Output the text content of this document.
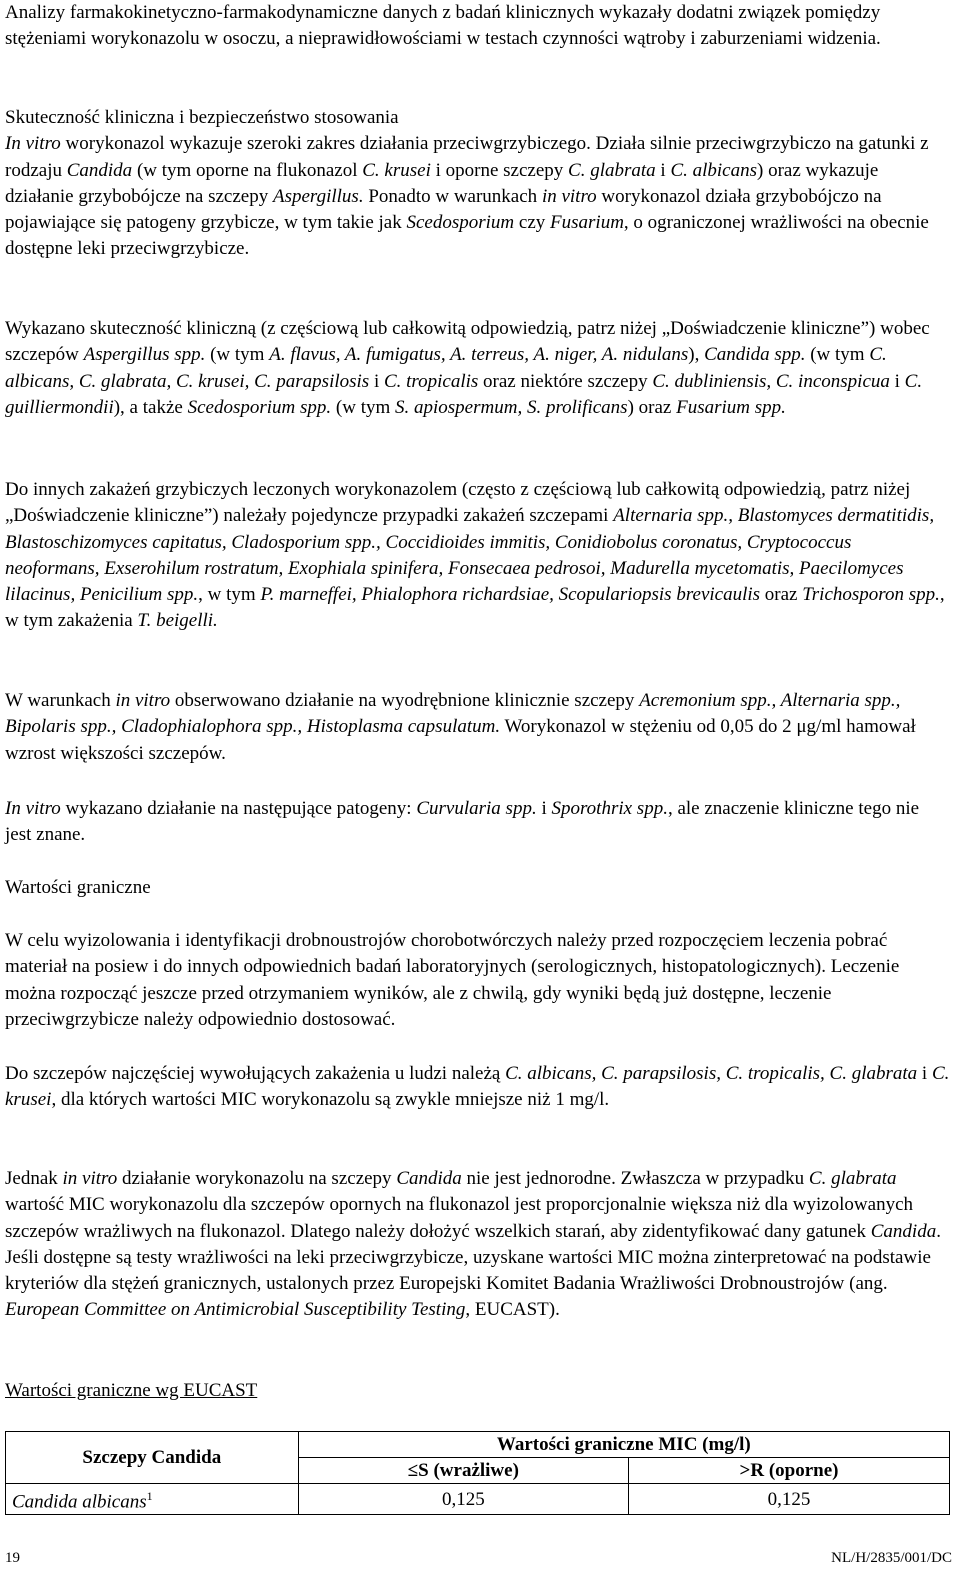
Analizy farmakokinetyczno-farmakodynamiczne danych z badań klinicznych wykazały dodatni związek pomiędzy stężeniami worykonazolu w osoczu, a nieprawidłowościami w testach czynności wątroby i zaburzeniami widzenia.

Skuteczność kliniczna i bezpieczeństwo stosowania

In vitro worykonazol wykazuje szeroki zakres działania przeciwgrzybiczego. Działa silnie przeciwgrzybiczo na gatunki z rodzaju Candida (w tym oporne na flukonazol C. krusei i oporne szczepy C. glabrata i C. albicans) oraz wykazuje działanie grzybobójcze na szczepy Aspergillus. Ponadto w warunkach in vitro worykonazol działa grzybobójczo na pojawiające się patogeny grzybicze, w tym takie jak Scedosporium czy Fusarium, o ograniczonej wrażliwości na obecnie dostępne leki przeciwgrzybicze.

Wykazano skuteczność kliniczną (z częściową lub całkowitą odpowiedzią, patrz niżej „Doświadczenie kliniczne”) wobec szczepów Aspergillus spp. (w tym A. flavus, A. fumigatus, A. terreus, A. niger, A. nidulans), Candida spp. (w tym C. albicans, C. glabrata, C. krusei, C. parapsilosis i C. tropicalis oraz niektóre szczepy C. dubliniensis, C. inconspicua i C. guilliermondii), a także Scedosporium spp. (w tym S. apiospermum, S. prolificans) oraz Fusarium spp.

Do innych zakażeń grzybiczych leczonych worykonazolem (często z częściową lub całkowitą odpowiedzią, patrz niżej „Doświadczenie kliniczne”) należały pojedyncze przypadki zakażeń szczepami Alternaria spp., Blastomyces dermatitidis, Blastoschizomyces capitatus, Cladosporium spp., Coccidioides immitis, Conidiobolus coronatus, Cryptococcus neoformans, Exserohilum rostratum, Exophiala spinifera, Fonsecaea pedrosoi, Madurella mycetomatis, Paecilomyces lilacinus, Penicilium spp., w tym P. marneffei, Phialophora richardsiae, Scopulariopsis brevicaulis oraz Trichosporon spp., w tym zakażenia T. beigelli.

W warunkach in vitro obserwowano działanie na wyodrębnione klinicznie szczepy Acremonium spp., Alternaria spp., Bipolaris spp., Cladophialophora spp., Histoplasma capsulatum. Worykonazol w stężeniu od 0,05 do 2 μg/ml hamował wzrost większości szczepów.

In vitro wykazano działanie na następujące patogeny: Curvularia spp. i Sporothrix spp., ale znaczenie kliniczne tego nie jest znane.

Wartości graniczne

W celu wyizolowania i identyfikacji drobnoustrojów chorobotwórczych należy przed rozpoczęciem leczenia pobrać materiał na posiew i do innych odpowiednich badań laboratoryjnych (serologicznych, histopatologicznych). Leczenie można rozpocząć jeszcze przed otrzymaniem wyników, ale z chwilą, gdy wyniki będą już dostępne, leczenie przeciwgrzybicze należy odpowiednio dostosować.

Do szczepów najczęściej wywołujących zakażenia u ludzi należą C. albicans, C. parapsilosis, C. tropicalis, C. glabrata i C. krusei, dla których wartości MIC worykonazolu są zwykle mniejsze niż 1 mg/l.

Jednak in vitro działanie worykonazolu na szczepy Candida nie jest jednorodne. Zwłaszcza w przypadku C. glabrata wartość MIC worykonazolu dla szczepów opornych na flukonazol jest proporcjonalnie większa niż dla wyizolowanych szczepów wrażliwych na flukonazol. Dlatego należy dołożyć wszelkich starań, aby zidentyfikować dany gatunek Candida. Jeśli dostępne są testy wrażliwości na leki przeciwgrzybicze, uzyskane wartości MIC można zinterpretować na podstawie kryteriów dla stężeń granicznych, ustalonych przez Europejski Komitet Badania Wrażliwości Drobnoustrojów (ang. European Committee on Antimicrobial Susceptibility Testing, EUCAST).

Wartości graniczne wg EUCAST

Szczepy Candida	Wartości graniczne MIC (mg/l)	
	≤S (wrażliwe)	>R (oporne)
Candida albicans$^1$	0,125	0,125
19	NL/H/2835/001/DC
